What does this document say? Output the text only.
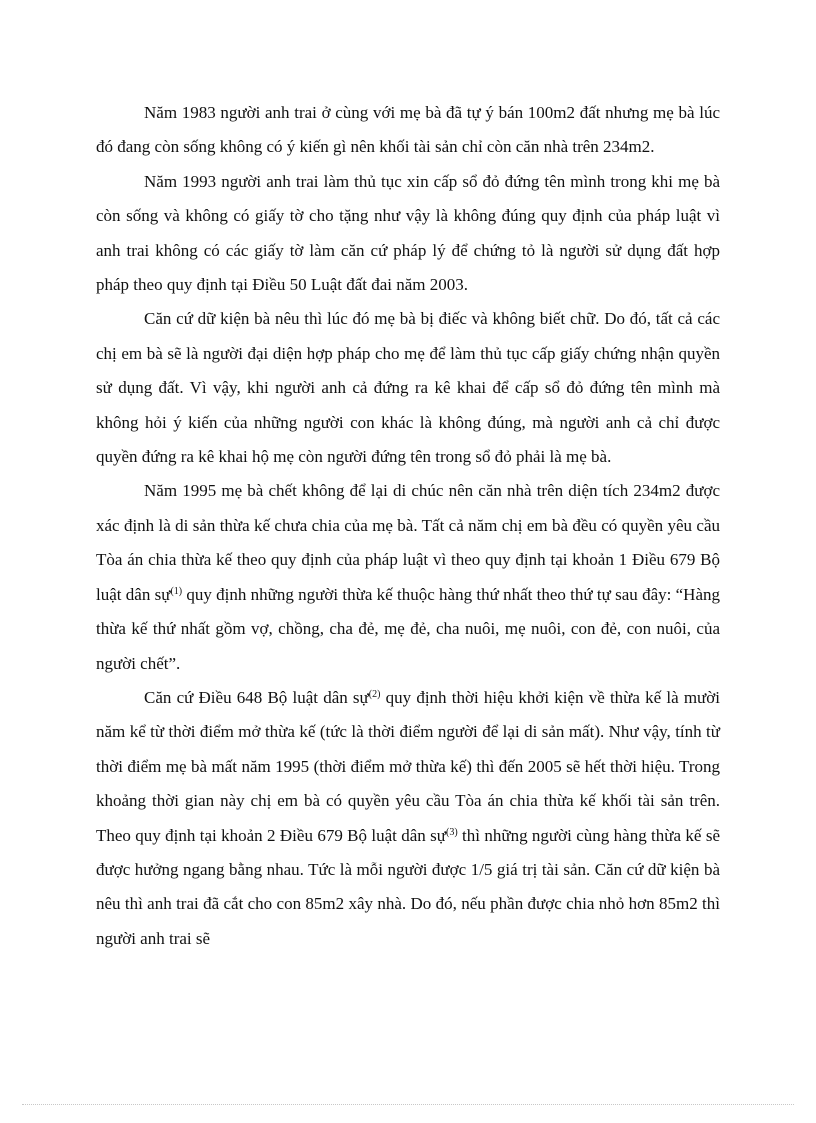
Năm 1983 người anh trai ở cùng với mẹ bà đã tự ý bán 100m2 đất nhưng mẹ bà lúc đó đang còn sống không có ý kiến gì nên khối tài sản chỉ còn căn nhà trên 234m2.

Năm 1993 người anh trai làm thủ tục xin cấp sổ đỏ đứng tên mình trong khi mẹ bà còn sống và không có giấy tờ cho tặng như vậy là không đúng quy định của pháp luật vì anh trai không có các giấy tờ làm căn cứ pháp lý để chứng tỏ là người sử dụng đất hợp pháp theo quy định tại Điều 50 Luật đất đai năm 2003.

Căn cứ dữ kiện bà nêu thì lúc đó mẹ bà bị điếc và không biết chữ. Do đó, tất cả các chị em bà sẽ là người đại diện hợp pháp cho mẹ để làm thủ tục cấp giấy chứng nhận quyền sử dụng đất. Vì vậy, khi người anh cả đứng ra kê khai để cấp sổ đỏ đứng tên mình mà không hỏi ý kiến của những người con khác là không đúng, mà người anh cả chỉ được quyền đứng ra kê khai hộ mẹ còn người đứng tên trong sổ đỏ phải là mẹ bà.

Năm 1995 mẹ bà chết không để lại di chúc nên căn nhà trên diện tích 234m2 được xác định là di sản thừa kế chưa chia của mẹ bà. Tất cả năm chị em bà đều có quyền yêu cầu Tòa án chia thừa kế theo quy định của pháp luật vì theo quy định tại khoản 1 Điều 679 Bộ luật dân sự$^{(1)}$ quy định những người thừa kế thuộc hàng thứ nhất theo thứ tự sau đây: “Hàng thừa kế thứ nhất gồm vợ, chồng, cha đẻ, mẹ đẻ, cha nuôi, mẹ nuôi, con đẻ, con nuôi, của người chết”.

Căn cứ Điều 648 Bộ luật dân sự$^{(2)}$ quy định thời hiệu khởi kiện về thừa kế là mười năm kể từ thời điểm mở thừa kế (tức là thời điểm người để lại di sản mất). Như vậy, tính từ thời điểm mẹ bà mất năm 1995 (thời điểm mở thừa kế) thì đến 2005 sẽ hết thời hiệu. Trong khoảng thời gian này chị em bà có quyền yêu cầu Tòa án chia thừa kế khối tài sản trên. Theo quy định tại khoản 2 Điều 679 Bộ luật dân sự$^{(3)}$ thì những người cùng hàng thừa kế sẽ được hưởng ngang bằng nhau. Tức là mỗi người được 1/5 giá trị tài sản. Căn cứ dữ kiện bà nêu thì anh trai đã cắt cho con 85m2 xây nhà. Do đó, nếu phần được chia nhỏ hơn 85m2 thì người anh trai sẽ
